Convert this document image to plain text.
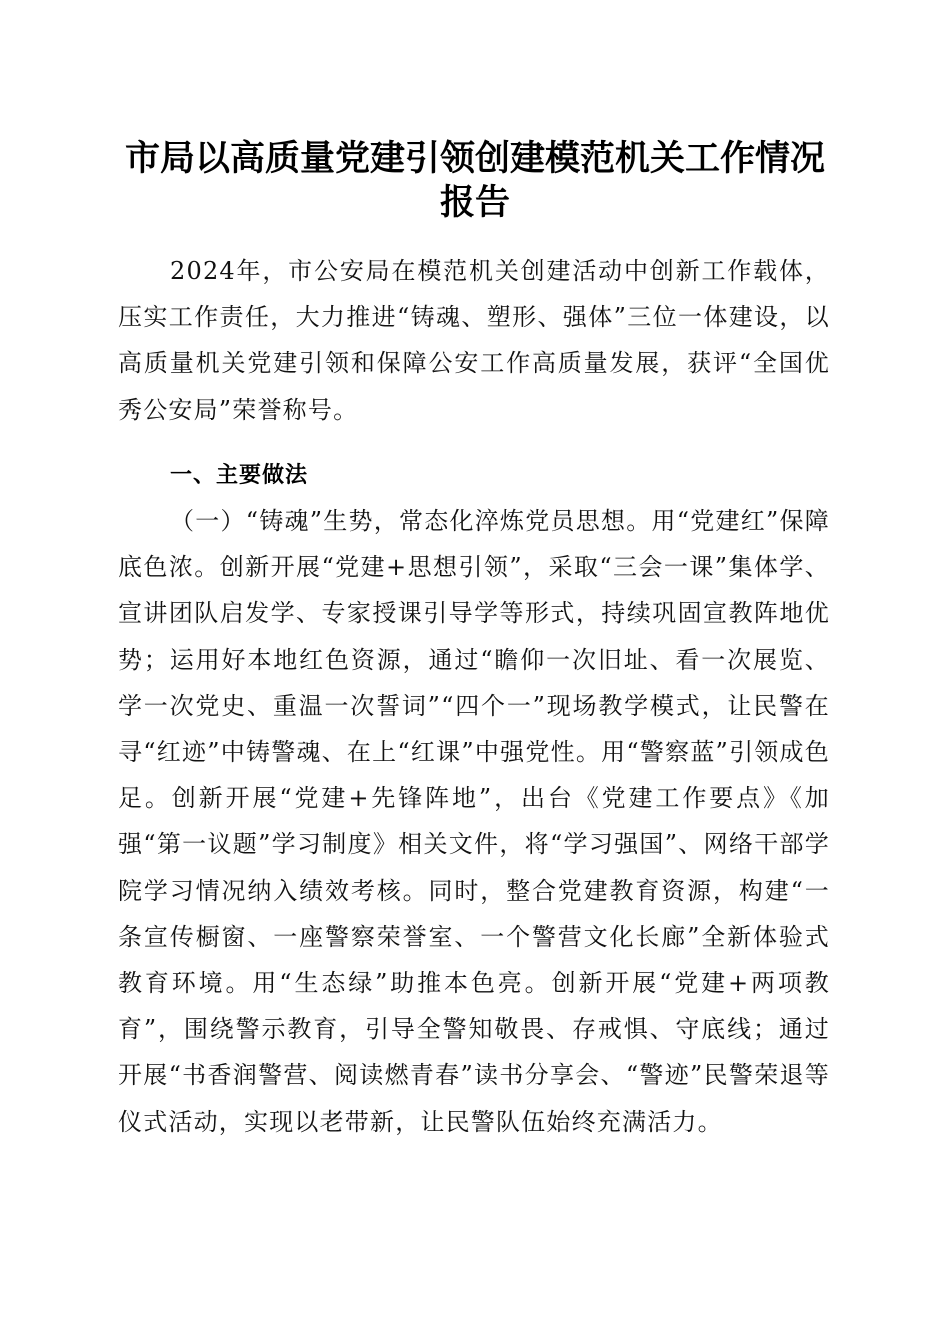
市局以高质量党建引领创建模范机关工作情况
报告
2024年，市公安局在模范机关创建活动中创新工作载体，压实工作责任，大力推进“铸魂、塑形、强体”三位一体建设，以高质量机关党建引领和保障公安工作高质量发展，获评“全国优秀公安局”荣誉称号。
一、主要做法
（一）“铸魂”生势，常态化淬炼党员思想。用“党建红”保障底色浓。创新开展“党建+思想引领”，采取“三会一课”集体学、宣讲团队启发学、专家授课引导学等形式，持续巩固宣教阵地优势；运用好本地红色资源，通过“瞻仰一次旧址、看一次展览、学一次党史、重温一次誓词”“四个一”现场教学模式，让民警在寻“红迹”中铸警魂、在上“红课”中强党性。用“警察蓝”引领成色足。创新开展“党建+先锋阵地”，出台《党建工作要点》《加强“第一议题”学习制度》相关文件，将“学习强国”、网络干部学院学习情况纳入绩效考核。同时，整合党建教育资源，构建“一条宣传橱窗、一座警察荣誉室、一个警营文化长廊”全新体验式教育环境。用“生态绿”助推本色亮。创新开展“党建+两项教育”，围绕警示教育，引导全警知敬畏、存戒惧、守底线；通过开展“书香润警营、阅读燃青春”读书分享会、“警迹”民警荣退等仪式活动，实现以老带新，让民警队伍始终充满活力。
